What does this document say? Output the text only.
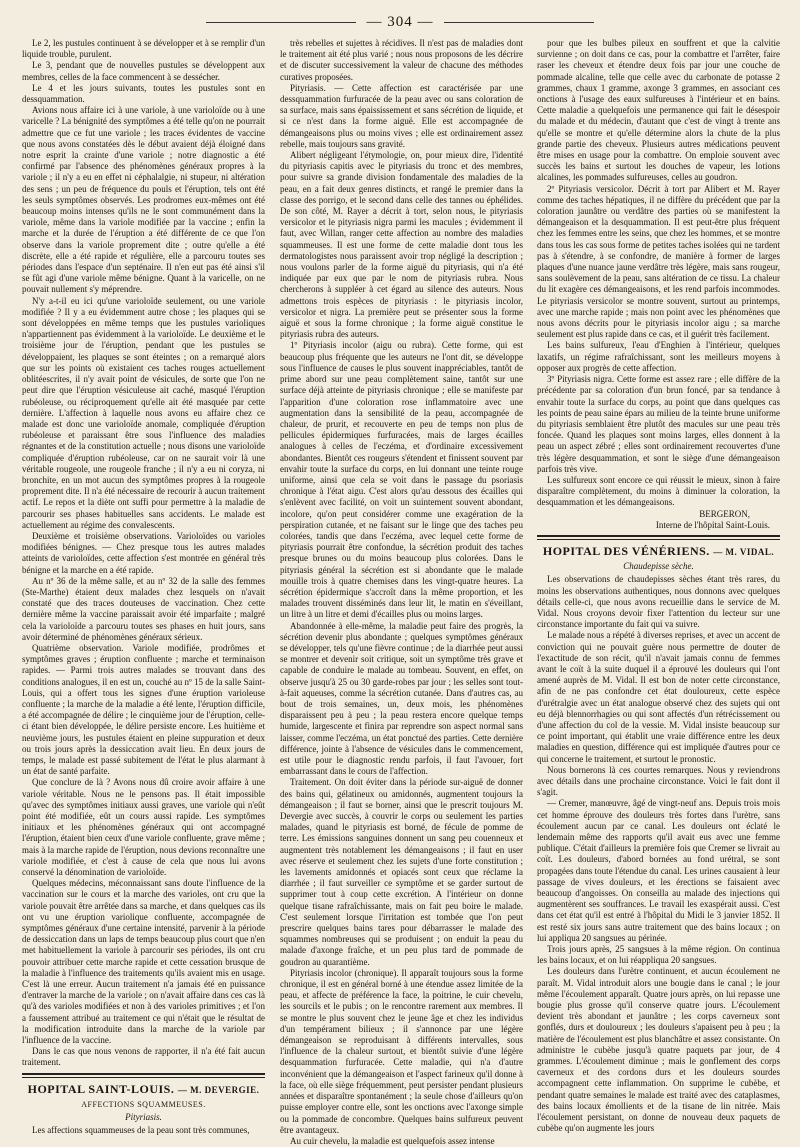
— 304 —

Le 2, les pustules continuent à se développer et à se remplir d'un liquide trouble, purulent.

Le 3, pendant que de nouvelles pustules se développent aux membres, celles de la face commencent à se dessécher.

Le 4 et les jours suivants, toutes les pustules sont en dessquammation.

Avions nous affaire ici à une variole, à une varioloïde ou à une varicelle ? La bénignité des symptômes a été telle qu'on ne pourrait admettre que ce fut une variole ; les traces évidentes de vaccine que nous avons constatées dès le début avaient déjà éloigné dans notre esprit la crainte d'une variole ; notre diagnostic a été confirmé par l'absence des phénomènes généraux propres à la variole ; il n'y a eu en effet ni céphalalgie, ni stupeur, ni altération des sens ; un peu de fréquence du pouls et l'éruption, tels ont été les seuls symptômes observés. Les prodromes eux-mêmes ont été beaucoup moins intenses qu'ils ne le sont communément dans la variole, même dans la variole modifiée par la vaccine ; enfin la marche et la durée de l'éruption a été différente de ce que l'on observe dans la variole proprement dite ; outre qu'elle a été discrète, elle a été rapide et régulière, elle a parcouru toutes ses périodes dans l'espace d'un septénaire. Il n'en eut pas été ainsi s'il se fût agi d'une variole même bénigne. Quant à la varicelle, on ne pouvait nullement s'y méprendre.

N'y a-t-il eu ici qu'une varioloïde seulement, ou une variole modifiée ? Il y a eu évidemment autre chose ; les plaques qui se sont développées en même temps que les pustules varioliques n'appartiennent pas évidemment à la varioloïde. Le deuxième et le troisième jour de l'éruption, pendant que les pustules se développaient, les plaques se sont éteintes ; on a remarqué alors que sur les points où existaient ces taches rouges actuellement oblitéescrites, il n'y avait point de vésicules, de sorte que l'on ne peut dire que l'éruption vésiculeuse ait caché, masqué l'éruption rubéoleuse, ou réciproquement qu'elle ait été masquée par cette dernière. L'affection à laquelle nous avons eu affaire chez ce malade est donc une varioloïde anomale, compliquée d'éruption rubéoleuse et paraissant être sous l'influence des maladies régnantes et de la constitution actuelle ; nous disons une varioloïde compliquée d'éruption rubéoleuse, car on ne saurait voir là une véritable rougeole, une rougeole franche ; il n'y a eu ni coryza, ni bronchite, en un mot aucun des symptômes propres à la rougeole proprement dite. Il n'a été nécessaire de recourir à aucun traitement actif. Le repos et la diète ont suffi pour permettre à la maladie de parcourir ses phases habituelles sans accidents. Le malade est actuellement au régime des convalescents.

Deuxième et troisième observations. Varioloïdes ou varioles modifiées bénignes. — Chez presque tous les autres malades atteints de varioloïdes, cette affection s'est montrée en général très bénigne et la marche en a été rapide.

Au nº 36 de la même salle, et au nº 32 de la salle des femmes (Ste-Marthe) étaient deux malades chez lesquels on n'avait constaté que des traces douteuses de vaccination. Chez cette dernière même la vaccine paraissait avoir été imparfaite ; malgré cela la varioloïde a parcouru toutes ses phases en huit jours, sans avoir déterminé de phénomènes généraux sérieux.

Quatrième observation. Variole modifiée, prodrômes et symptômes graves ; éruption confluente ; marche et terminaison rapides. — Parmi trois autres malades se trouvant dans des conditions analogues, il en est un, couché au nº 15 de la salle Saint-Louis, qui a offert tous les signes d'une éruption varioleuse confluente ; la marche de la maladie a été lente, l'éruption difficile, a été accompagnée de délire ; le cinquième jour de l'éruption, celle-ci étant bien développée, le délire persiste encore. Les huitième et neuvième jours, les pustules étaient en pleine suppuration et deux ou trois jours après la dessiccation avait lieu. En deux jours de temps, le malade est passé subitement de l'état le plus alarmant à un état de santé parfaite.

Que conclure de là ? Avons nous dû croire avoir affaire à une variole véritable. Nous ne le pensons pas. Il était impossible qu'avec des symptômes initiaux aussi graves, une variole qui n'eût point été modifiée, eût un cours aussi rapide. Les symptômes initiaux et les phénomènes généraux qui ont accompagné l'éruption, étaient bien ceux d'une variole confluente, grave même ; mais à la marche rapide de l'éruption, nous devions reconnaître une variole modifiée, et c'est à cause de cela que nous lui avons conservé la dénomination de varioloïde.

Quelques médecins, méconnaissant sans doute l'influence de la vaccination sur le cours et la marche des varioles, ont cru que la variole pouvait être arrêtée dans sa marche, et dans quelques cas ils ont vu une éruption variolique confluente, accompagnée de symptômes généraux d'une certaine intensité, parvenir à la période de dessiccation dans un laps de temps beaucoup plus court que n'en met habituellement la variole à parcourir ses périodes, ils ont cru pouvoir attribuer cette marche rapide et cette cessation brusque de la maladie à l'influence des traitements qu'ils avaient mis en usage. C'est là une erreur. Aucun traitement n'a jamais été en puissance d'entraver la marche de la variole ; on n'avait affaire dans ces cas là qu'à des varioles modifiées et non à des varioles primitives ; et l'on a faussement attribué au traitement ce qui n'était que le résultat de la modification introduite dans la marche de la variole par l'influence de la vaccine.

Dans le cas que nous venons de rapporter, il n'a été fait aucun traitement.

HOPITAL SAINT-LOUIS. — M. DEVERGIE.
AFFECTIONS SQUAMMEUSES.
Pityriasis.

Les affections squammeuses de la peau sont très communes,

très rebelles et sujettes à récidives. Il n'est pas de maladies dont le traitement ait été plus varié ; nous nous proposons de les décrire et de discuter successivement la valeur de chacune des méthodes curatives proposées.

Pityriasis. — Cette affection est caractérisée par une dessquammation furfuracée de la peau avec ou sans coloration de sa surface, mais sans épaississement et sans sécrétion de liquide, et si ce n'est dans la forme aiguë. Elle est accompagnée de démangeaisons plus ou moins vives ; elle est ordinairement assez rebelle, mais toujours sans gravité.

Alibert négligeant l'étymologie, on, pour mieux dire, l'identité du pityriasis capitis avec le pityriasis du tronc et des membres, pour suivre sa grande division fondamentale des maladies de la peau, en a fait deux genres distincts, et rangé le premier dans la classe des porrigo, et le second dans celle des tannes ou éphélides. De son côté, M. Rayer a décrit à tort, selon nous, le pityriasis versicolor et le pityriasis nigra parmi les macules ; évidemment il faut, avec Willan, ranger cette affection au nombre des maladies squammeuses. Il est une forme de cette maladie dont tous les dermatologistes nous paraissent avoir trop négligé la description ; nous voulons parler de la forme aiguë du pityriasis, qui n'a été indiquée par eux que par le nom de pityriasis rubra. Nous chercherons à suppléer à cet égard au silence des auteurs. Nous admettons trois espèces de pityriasis : le pityriasis incolor, versicolor et nigra. La première peut se présenter sous la forme aiguë et sous la forme chronique ; la forme aiguë constitue le pityriasis rubra des auteurs.

1º Pityriasis incolor (aigu ou rubra). Cette forme, qui est beaucoup plus fréquente que les auteurs ne l'ont dit, se développe sous l'influence de causes le plus souvent inappréciables, tantôt de prime abord sur une peau complètement saine, tantôt sur une surface déjà atteinte de pityriasis chronique ; elle se manifeste par l'apparition d'une coloration rose inflammatoire avec une augmentation dans la sensibilité de la peau, accompagnée de chaleur, de prurit, et recouverte en peu de temps non plus de pellicules épidermiques furfuracées, mais de larges écailles analogues à celles de l'eczéma, et d'ordinaire excessivement abondantes. Bientôt ces rougeurs s'étendent et finissent souvent par envahir toute la surface du corps, en lui donnant une teinte rouge uniforme, ainsi que cela se voit dans le passage du psoriasis chronique à l'état aigu. C'est alors qu'au dessous des écailles qui s'enlèvent avec facilité, on voit un suintement souvent abondant, incolore, qu'on peut considérer comme une exagération de la perspiration cutanée, et ne faisant sur le linge que des taches peu colorées, tandis que dans l'eczéma, avec lequel cette forme de pityriasis pourrait être confondue, la sécrétion produit des taches presque brunes ou du moins beaucoup plus colorées. Dans le pityriasis général la sécrétion est si abondante que le malade mouille trois à quatre chemises dans les vingt-quatre heures. La sécrétion épidermique s'accroît dans la même proportion, et les malades trouvent disséminés dans leur lit, le matin en s'éveillant, un litre à un litre et demi d'écailles plus ou moins larges.

Abandonnée à elle-même, la maladie peut faire des progrès, la sécrétion devenir plus abondante ; quelques symptômes généraux se développer, tels qu'une fièvre continue ; de la diarrhée peut aussi se montrer et devenir soit critique, soit un symptôme très grave et capable de conduire le malade au tombeau. Souvent, en effet, on observe jusqu'à 25 ou 30 garde-robes par jour ; les selles sont tout-à-fait aqueuses, comme la sécrétion cutanée. Dans d'autres cas, au bout de trois semaines, un, deux mois, les phénomènes disparaissent peu à peu ; la peau restera encore quelque temps humide, largescente et finira par reprendre son aspect normal sans laisser, comme l'eczéma, un état ponctué des parties. Cette dernière différence, jointe à l'absence de vésicules dans le commencement, est utile pour le diagnostic rendu parfois, il faut l'avouer, fort embarrassant dans le cours de l'affection.

Traitement. On doit éviter dans la période sur-aiguë de donner des bains qui, gélatineux ou amidonnés, augmentent toujours la démangeaison ; il faut se borner, ainsi que le prescrit toujours M. Devergie avec succès, à couvrir le corps ou seulement les parties malades, quand le pityriasis est borné, de fécule de pomme de terre. Les émissions sanguines donnent un sang peu couenneux et augmentent très notablement les démangeaisons ; il faut en user avec réserve et seulement chez les sujets d'une forte constitution ; les lavements amidonnés et opiacés sont ceux que réclame la diarrhée ; il faut surveiller ce symptôme et se garder surtout de supprimer tout à coup cette excrétion. A l'intérieur on donne quelque tisane rafraîchissante, mais on fait peu boire le malade. C'est seulement lorsque l'irritation est tombée que l'on peut prescrire quelques bains tares pour débarrasser le malade des squammes nombreuses qui se produisent ; on enduit la peau du malade d'axonge fraîche, et un peu plus tard de pommade de goudron au quarantième.

Pityriasis incolor (chronique). Il apparaît toujours sous la forme chronique, il est en général borné à une étendue assez limitée de la peau, et affecte de préférence la face, la poitrine, le cuir chevelu, les sourcils et le pubis ; on le rencontre rarement aux membres. Il se montre le plus souvent chez le jeune âge et chez les individus d'un tempérament bilieux ; il s'annonce par une légère démangeaison se reproduisant à différents intervalles, sous l'influence de la chaleur surtout, et bientôt suivie d'une légère desquammation furfuracée. Cette maladie, qui n'a d'autre inconvénient que la démangeaison et l'aspect farineux qu'il donne à la face, où elle siège fréquemment, peut persister pendant plusieurs années et disparaître spontanément ; la seule chose d'ailleurs qu'on puisse employer contre elle, sont les onctions avec l'axonge simple ou la pommade de concombre. Quelques bains sulfureux peuvent être avantageux.

Au cuir chevelu, la maladie est quelquefois assez intense

pour que les bulbes pileux en souffrent et que la calvitie survienne ; on doit dans ce cas, pour la combattre et l'arrêter, faire raser les cheveux et étendre deux fois par jour une couche de pommade alcaline, telle que celle avec du carbonate de potasse 2 grammes, chaux 1 gramme, axonge 3 grammes, en associant ces onctions à l'usage des eaux sulfureuses à l'intérieur et en bains. Cette maladie a quelquefois une permanence qui fait le désespoir du malade et du médecin, d'autant que c'est de vingt à trente ans qu'elle se montre et qu'elle détermine alors la chute de la plus grande partie des cheveux. Plusieurs autres médications peuvent être mises en usage pour la combattre. On emploie souvent avec succès les bains et surtout les douches de vapeur, les lotions alcalines, les pommades sulfureuses, celles au goudron.

2º Pityriasis versicolor. Décrit à tort par Alibert et M. Rayer comme des taches hépatiques, il ne diffère du précédent que par la coloration jaunâtre ou verdâtre des parties où se manifestent la démangeaison et la desquammation. Il est peut-être plus fréquent chez les femmes entre les seins, que chez les hommes, et se montre dans tous les cas sous forme de petites taches isolées qui ne tardent pas à s'étendre, à se confondre, de manière à former de larges plaques d'une nuance jaune verdâtre très légère, mais sans rougeur, sans soulèvement de la peau, sans altération de ce tissu. La chaleur du lit exagère ces démangeaisons, et les rend parfois incommodes. Le pityriasis versicolor se montre souvent, surtout au printemps, avec une marche rapide ; mais non point avec les phénomènes que nous avons décrits pour le pityriasis incolor aigu ; sa marche seulement est plus rapide dans ce cas, et il guérit très facilement.

Les bains sulfureux, l'eau d'Enghien à l'intérieur, quelques laxatifs, un régime rafraîchissant, sont les meilleurs moyens à opposer aux progrès de cette affection.

3º Pityriasis nigra. Cette forme est assez rare ; elle diffère de la précédente par sa coloration d'un brun foncé, par sa tendance à envahir toute la surface du corps, au point que dans quelques cas les points de peau saine épars au milieu de la teinte brune uniforme du pityriasis semblaient être plutôt des macules sur une peau très foncée. Quand les plaques sont moins larges, elles donnent à la peau un aspect zébré ; elles sont ordinairement recouvertes d'une très légère desquammation, et sont le siège d'une démangeaison parfois très vive.

Les sulfureux sont encore ce qui réussit le mieux, sinon à faire disparaître complètement, du moins à diminuer la coloration, la desquammation et les démangeaisons.

BERGERON,
Interne de l'hôpital Saint-Louis.
HOPITAL DES VÉNÉRIENS. — M. VIDAL.
Chaudepisse sèche.

Les observations de chaudepisses sèches étant très rares, du moins les observations authentiques, nous donnons avec quelques détails celle-ci, que nous avons recueillie dans le service de M. Vidal. Nous croyons devoir fixer l'attention du lecteur sur une circonstance importante du fait qui va suivre.

Le malade nous a répété à diverses reprises, et avec un accent de conviction qui ne pouvait guère nous permettre de douter de l'exactitude de son récit, qu'il n'avait jamais connu de femmes avant le coït à la suite duquel il a éprouvé les douleurs qui l'ont amené auprès de M. Vidal. Il est bon de noter cette circonstance, afin de ne pas confondre cet état douloureux, cette espèce d'urétralgie avec un état analogue observé chez des sujets qui ont eu déjà blennorrhagies ou qui sont affectés d'un rétrécissement ou d'une affection du col de la vessie. M. Vidal insiste beaucoup sur ce point important, qui établit une vraie différence entre les deux maladies en question, différence qui est impliquée d'autres pour ce qui concerne le traitement, et surtout le pronostic.

Nous bornerons là ces courtes remarques. Nous y reviendrons avec détails dans une prochaine circonstance. Voici le fait dont il s'agit.

— Cremer, manœuvre, âgé de vingt-neuf ans. Depuis trois mois cet homme éprouve des douleurs très fortes dans l'urètre, sans écoulement aucun par ce canal. Les douleurs ont éclaté le lendemain même des rapports qu'il avait eus avec une femme publique. C'était d'ailleurs la première fois que Cremer se livrait au coït. Les douleurs, d'abord bornées au fond urétral, se sont propagées dans toute l'étendue du canal. Les urines causaient à leur passage de vives douleurs, et les érections se faisaient avec beaucoup d'angoisses. On conseilla au malade des injections qui augmentèrent ses souffrances. Le travail les exaspérait aussi. C'est dans cet état qu'il est entré à l'hôpital du Midi le 3 janvier 1852. Il est resté six jours sans autre traitement que des bains locaux ; on lui appliqua 20 sangsues au périnée.

Trois jours après, 25 sangsues à la même région. On continua les bains locaux, et on lui réappliqua 20 sangsues.

Les douleurs dans l'urètre continuent, et aucun écoulement ne paraît. M. Vidal introduit alors une bougie dans le canal ; le jour même l'écoulement apparaît. Quatre jours après, on lui repasse une bougie plus grosse qu'il conserve quatre jours. L'écoulement devient très abondant et jaunâtre ; les corps caverneux sont gonflés, durs et douloureux ; les douleurs s'apaisent peu à peu ; la matière de l'écoulement est plus blanchâtre et assez consistante. On administre le cubèbe jusqu'à quatre paquets par jour, de 4 grammes. L'écoulement diminue ; mais le gonflement des corps caverneux et des cordons durs et les douleurs sourdes accompagnent cette inflammation. On supprime le cubèbe, et pendant quatre semaines le malade est traité avec des cataplasmes, des bains locaux émollients et de la tisane de lin nitrée. Mais l'écoulement persistant, on donne de nouveau deux paquets de cubèbe qu'on augmente les jours
